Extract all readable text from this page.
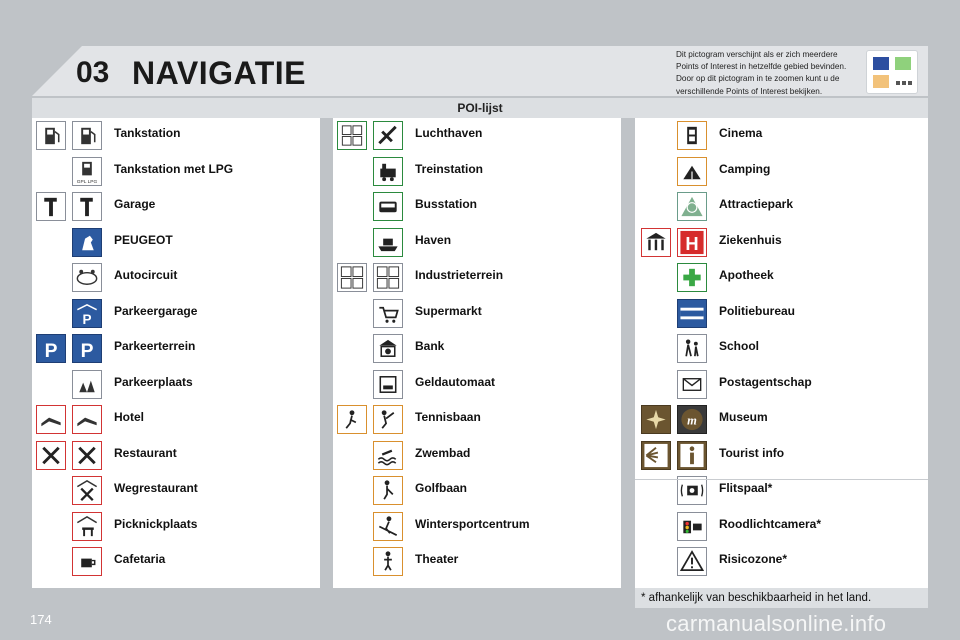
03 NAVIGATIE
Dit pictogram verschijnt als er zich meerdere Points of Interest in hetzelfde gebied bevinden. Door op dit pictogram in te zoomen kunt u de verschillende Points of Interest bekijken.
POI-lijst
Tankstation
GPL LPG
Tankstation met LPG
Garage
PEUGEOT
Autocircuit
P
Parkeergarage
P P Parkeerterrein
Parkeerplaats
Hotel
Restaurant
Wegrestaurant
Picknickplaats
Cafetaria
Luchthaven
Treinstation
Busstation
Haven
Industrieterrein
Supermarkt
Bank
Geldautomaat
Tennisbaan
Zwembad
Golfbaan
Wintersportcentrum
Theater
Cinema
Camping
Attractiepark
H Ziekenhuis
Apotheek
Politiebureau
School
Postagentschap
m Museum
Tourist info
Flitspaal*
Roodlichtcamera*
Risicozone*
* afhankelijk van beschikbaarheid in het land.
174	carmanualsonline.info
